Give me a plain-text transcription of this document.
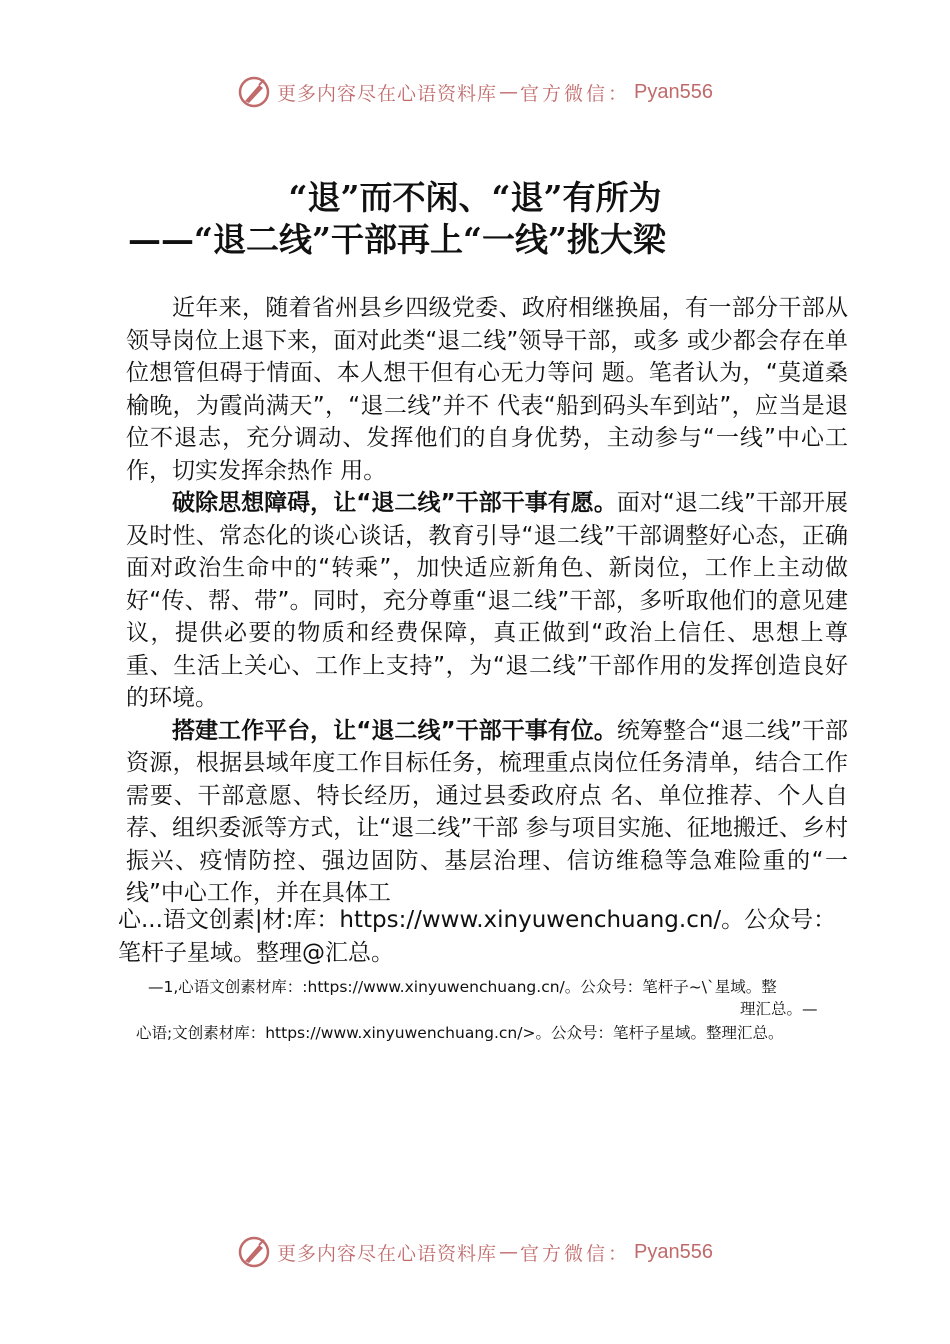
更多内容尽在心语资料库 — 官方微信： Pyan556
“退”而不闲、“退”有所为
——“退二线”干部再上“一线”挑大梁

近年来，随着省州县乡四级党委、政府相继换届，有一部分干部从领导岗位上退下来，面对此类“退二线”领导干部，或多 或少都会存在单位想管但碍于情面、本人想干但有心无力等问 题。笔者认为，“莫道桑榆晚，为霞尚满天”，“退二线”并不 代表“船到码头车到站”，应当是退位不退志，充分调动、发挥他们的自身优势，主动参与“一线”中心工作，切实发挥余热作 用。

破除思想障碍，让“退二线”干部干事有愿。面对“退二线”干部开展及时性、常态化的谈心谈话，教育引导“退二线”干部调整好心态，正确面对政治生命中的“转乘”，加快适应新角色、新岗位，工作上主动做好“传、帮、带”。同时，充分尊重“退二线”干部，多听取他们的意见建议，提供必要的物质和经费保障，真正做到“政治上信任、思想上尊重、生活上关心、工作上支持”，为“退二线”干部作用的发挥创造良好的环境。

搭建工作平台，让“退二线”干部干事有位。统筹整合“退二线”干部资源，根据县域年度工作目标任务，梳理重点岗位任务清单，结合工作需要、干部意愿、特长经历，通过县委政府点 名、单位推荐、个人自荐、组织委派等方式，让“退二线”干部 参与项目实施、征地搬迁、乡村振兴、疫情防控、强边固防、基层治理、信访维稳等急难险重的“一线”中心工作，并在具体工

心...语文创素|材:库：https://www.xinyuwenchuang.cn/。公众号：笔杆子星域。整理@汇总。
—1,心语文创素材库：:https://www.xinyuwenchuang.cn/。公众号：笔杆子~\`星域。整
理汇总。—
心语;文创素材库：https://www.xinyuwenchuang.cn/>。公众号：笔杆子星域。整理汇总。
更多内容尽在心语资料库 — 官方微信： Pyan556
